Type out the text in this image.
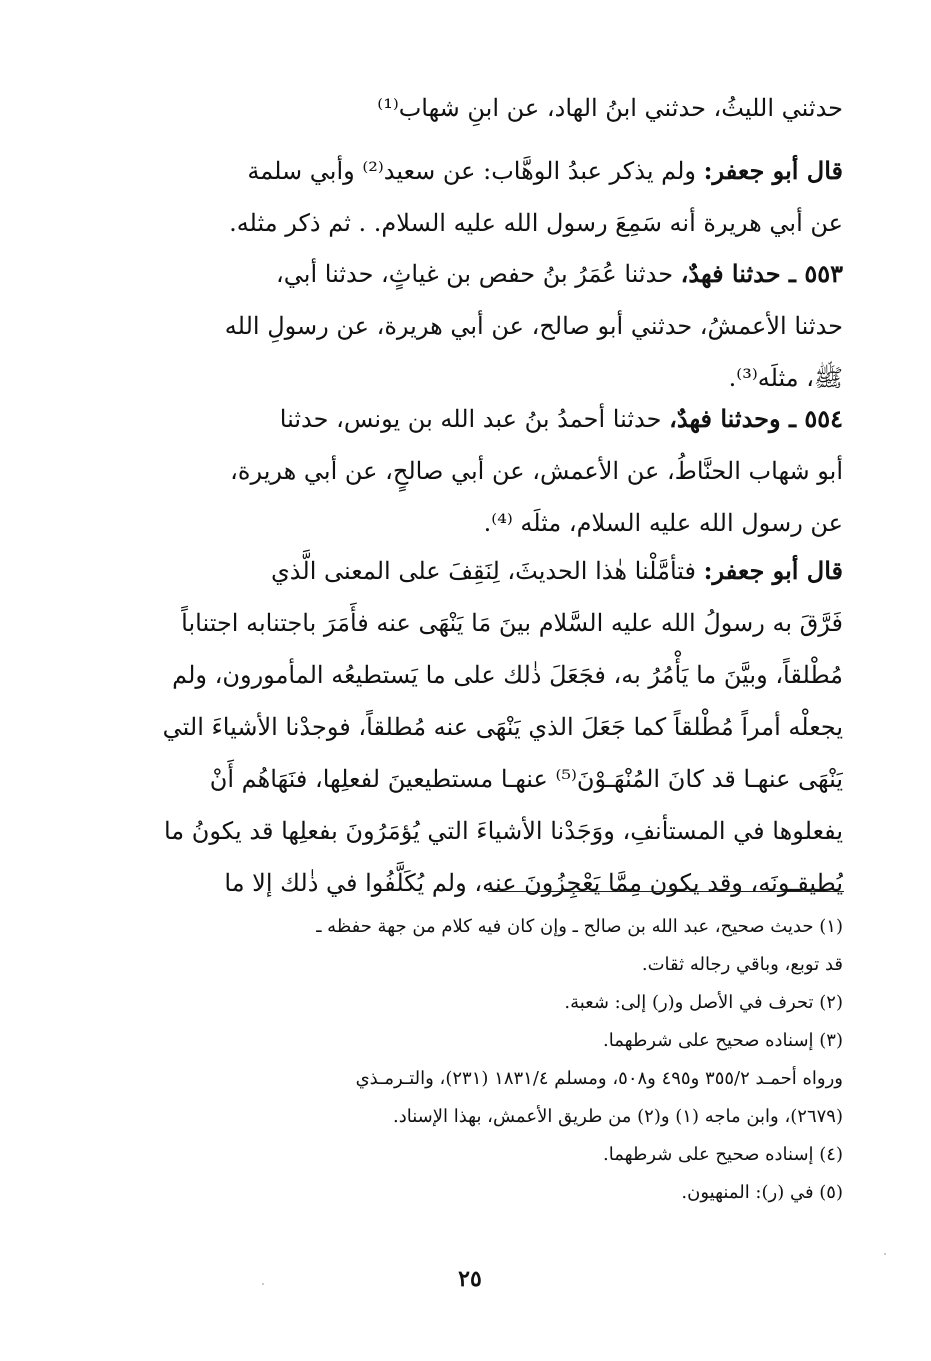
حدثني الليثُ، حدثني ابنُ الهاد، عن ابنِ شهاب⁽¹⁾
قال أبو جعفر: ولم يذكر عبدُ الوهَّاب: عن سعيد⁽²⁾ وأبي سلمة
عن أبي هريرة أنه سَمِعَ رسول الله عليه السلام. . ثم ذكر مثله.
٥٥٣ ـ حدثنا فهدٌ، حدثنا عُمَرُ بنُ حفص بن غياثٍ، حدثنا أبي،
حدثنا الأعمشُ، حدثني أبو صالح، عن أبي هريرة، عن رسولِ الله
ﷺ، مثلَه⁽³⁾.
٥٥٤ ـ وحدثنا فهدٌ، حدثنا أحمدُ بنُ عبد الله بن يونس، حدثنا
أبو شهاب الحنَّاطُ، عن الأعمش، عن أبي صالحٍ، عن أبي هريرة،
عن رسول الله عليه السلام، مثلَه ⁽⁴⁾.
قال أبو جعفر: فتأمَّلْنا هٰذا الحديثَ، لِنَقِفَ على المعنى الَّذي
فَرَّقَ به رسولُ الله عليه السَّلام بينَ مَا يَنْهَى عنه فأَمَرَ باجتنابه اجتناباً
مُطْلقاً، وبيَّنَ ما يَأْمُرُ به، فجَعَلَ ذٰلك على ما يَستطيعُه المأمورون، ولم
يجعلْه أمراً مُطْلقاً كما جَعَلَ الذي يَنْهَى عنه مُطلقاً، فوجدْنا الأشياءَ التي
يَنْهَى عنهـا قد كانَ المُنْهَـوْنَ⁽⁵⁾ عنهـا مستطيعينَ لفعلِها، فنَهَاهُم أَنْ
يفعلوها في المستأنفِ، ووَجَدْنا الأشياءَ التي يُؤمَرُونَ بفعلِها قد يكونُ ما
يُطيقـونَه، وقد يكون مِمَّا يَعْجِزُونَ عنه، ولم يُكَلَّفُوا في ذٰلك إلا ما

(١) حديث صحيح، عبد الله بن صالح ـ وإن كان فيه كلام من جهة حفظه ـ

قد توبع، وباقي رجاله ثقات.

(٢) تحرف في الأصل و(ر) إلى: شعبة.

(٣) إسناده صحيح على شرطهما.

ورواه أحمـد ٣٥٥/٢ و٤٩٥ و٥٠٨، ومسلم ١٨٣١/٤ (٢٣١)، والتـرمـذي

(٢٦٧٩)، وابن ماجه (١) و(٢) من طريق الأعمش، بهذا الإسناد.

(٤) إسناده صحيح على شرطهما.

(٥) في (ر): المنهيون.

٢٥
